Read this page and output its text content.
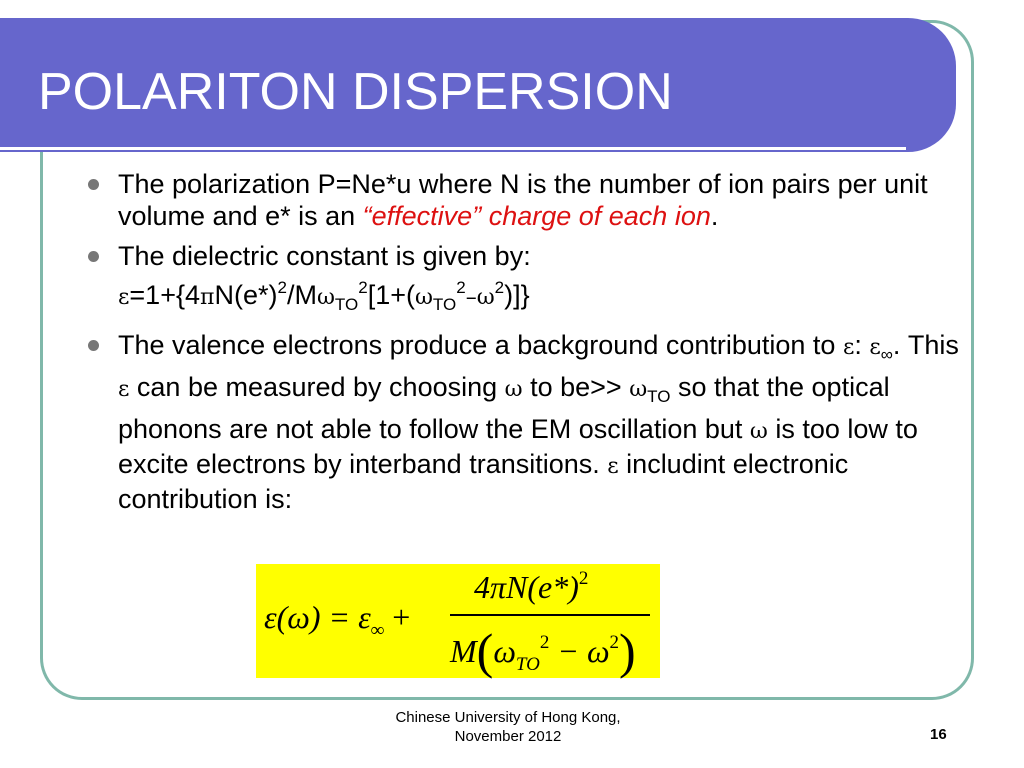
POLARITON DISPERSION
The polarization P=Ne*u where N is the number of ion pairs per unit volume and e* is an “effective” charge of each ion.
The dielectric constant is given by:
$\varepsilon=1+\{4\pi N(e*)^2/M\omega_{TO}^2[1+(\omega_{TO}^2-\omega^2)]\}$
The valence electrons produce a background contribution to ε: $\varepsilon_\infty$. This ε can be measured by choosing ω to $be>> \omega_{TO}$ so that the optical phonons are not able to follow the EM oscillation but ω is too low to excite electrons by interband transitions. ε includint electronic contribution is:
$\varepsilon(\omega) = \varepsilon_\infty$ +
$4\pi N(e*)^2$
$M(\omega_{TO}^2 - \omega^2)$
Chinese University of Hong Kong,
November 2012	16
